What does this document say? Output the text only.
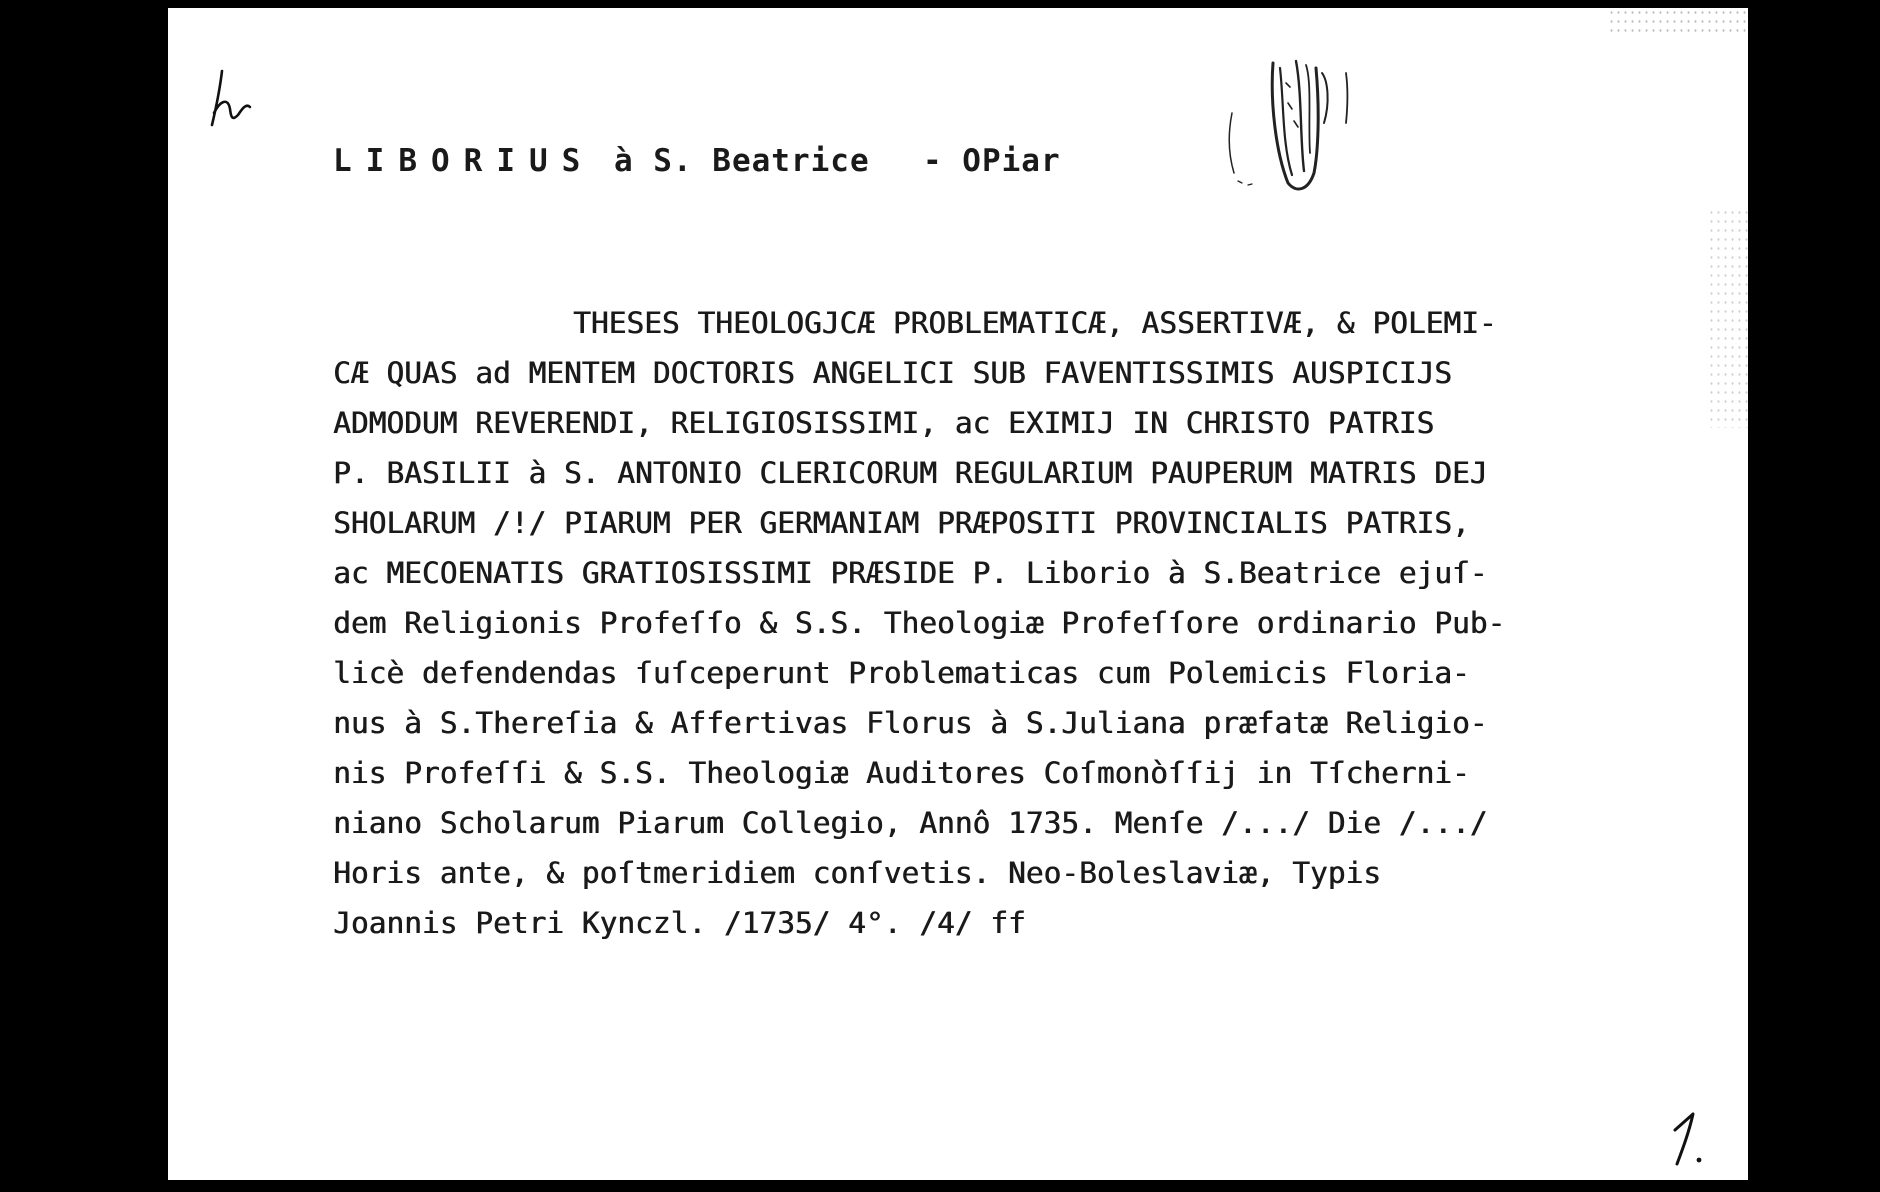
LIBORIUS à S. Beatrice - OPiar
THESES THEOLOGJCÆ PROBLEMATICÆ, ASSERTIVÆ, & POLEMI-
CÆ QUAS ad MENTEM DOCTORIS ANGELICI SUB FAVENTISSIMIS AUSPICIJS
ADMODUM REVERENDI, RELIGIOSISSIMI, ac EXIMIJ IN CHRISTO PATRIS
P. BASILII à S. ANTONIO CLERICORUM REGULARIUM PAUPERUM MATRIS DEJ
SHOLARUM /!/ PIARUM PER GERMANIAM PRÆPOSITI PROVINCIALIS PATRIS,
ac MECOENATIS GRATIOSISSIMI PRÆSIDE P. Liborio à S.Beatrice ejuſ-
dem Religionis Profeſſo & S.S. Theologiæ Profeſſore ordinario Pub-
licè defendendas ſuſceperunt Problematicas cum Polemicis Floria-
nus à S.Thereſia & Affertivas Florus à S.Juliana præfatæ Religio-
nis Profeſſi & S.S. Theologiæ Auditores Coſmonòſſij in Tſcherni-
niano Scholarum Piarum Collegio, Annô 1735. Menſe /.../ Die /.../
Horis ante, & poſtmeridiem conſvetis. Neo-Boleslaviæ, Typis
Joannis Petri Kynczl. /1735/ 4°. /4/ ff
